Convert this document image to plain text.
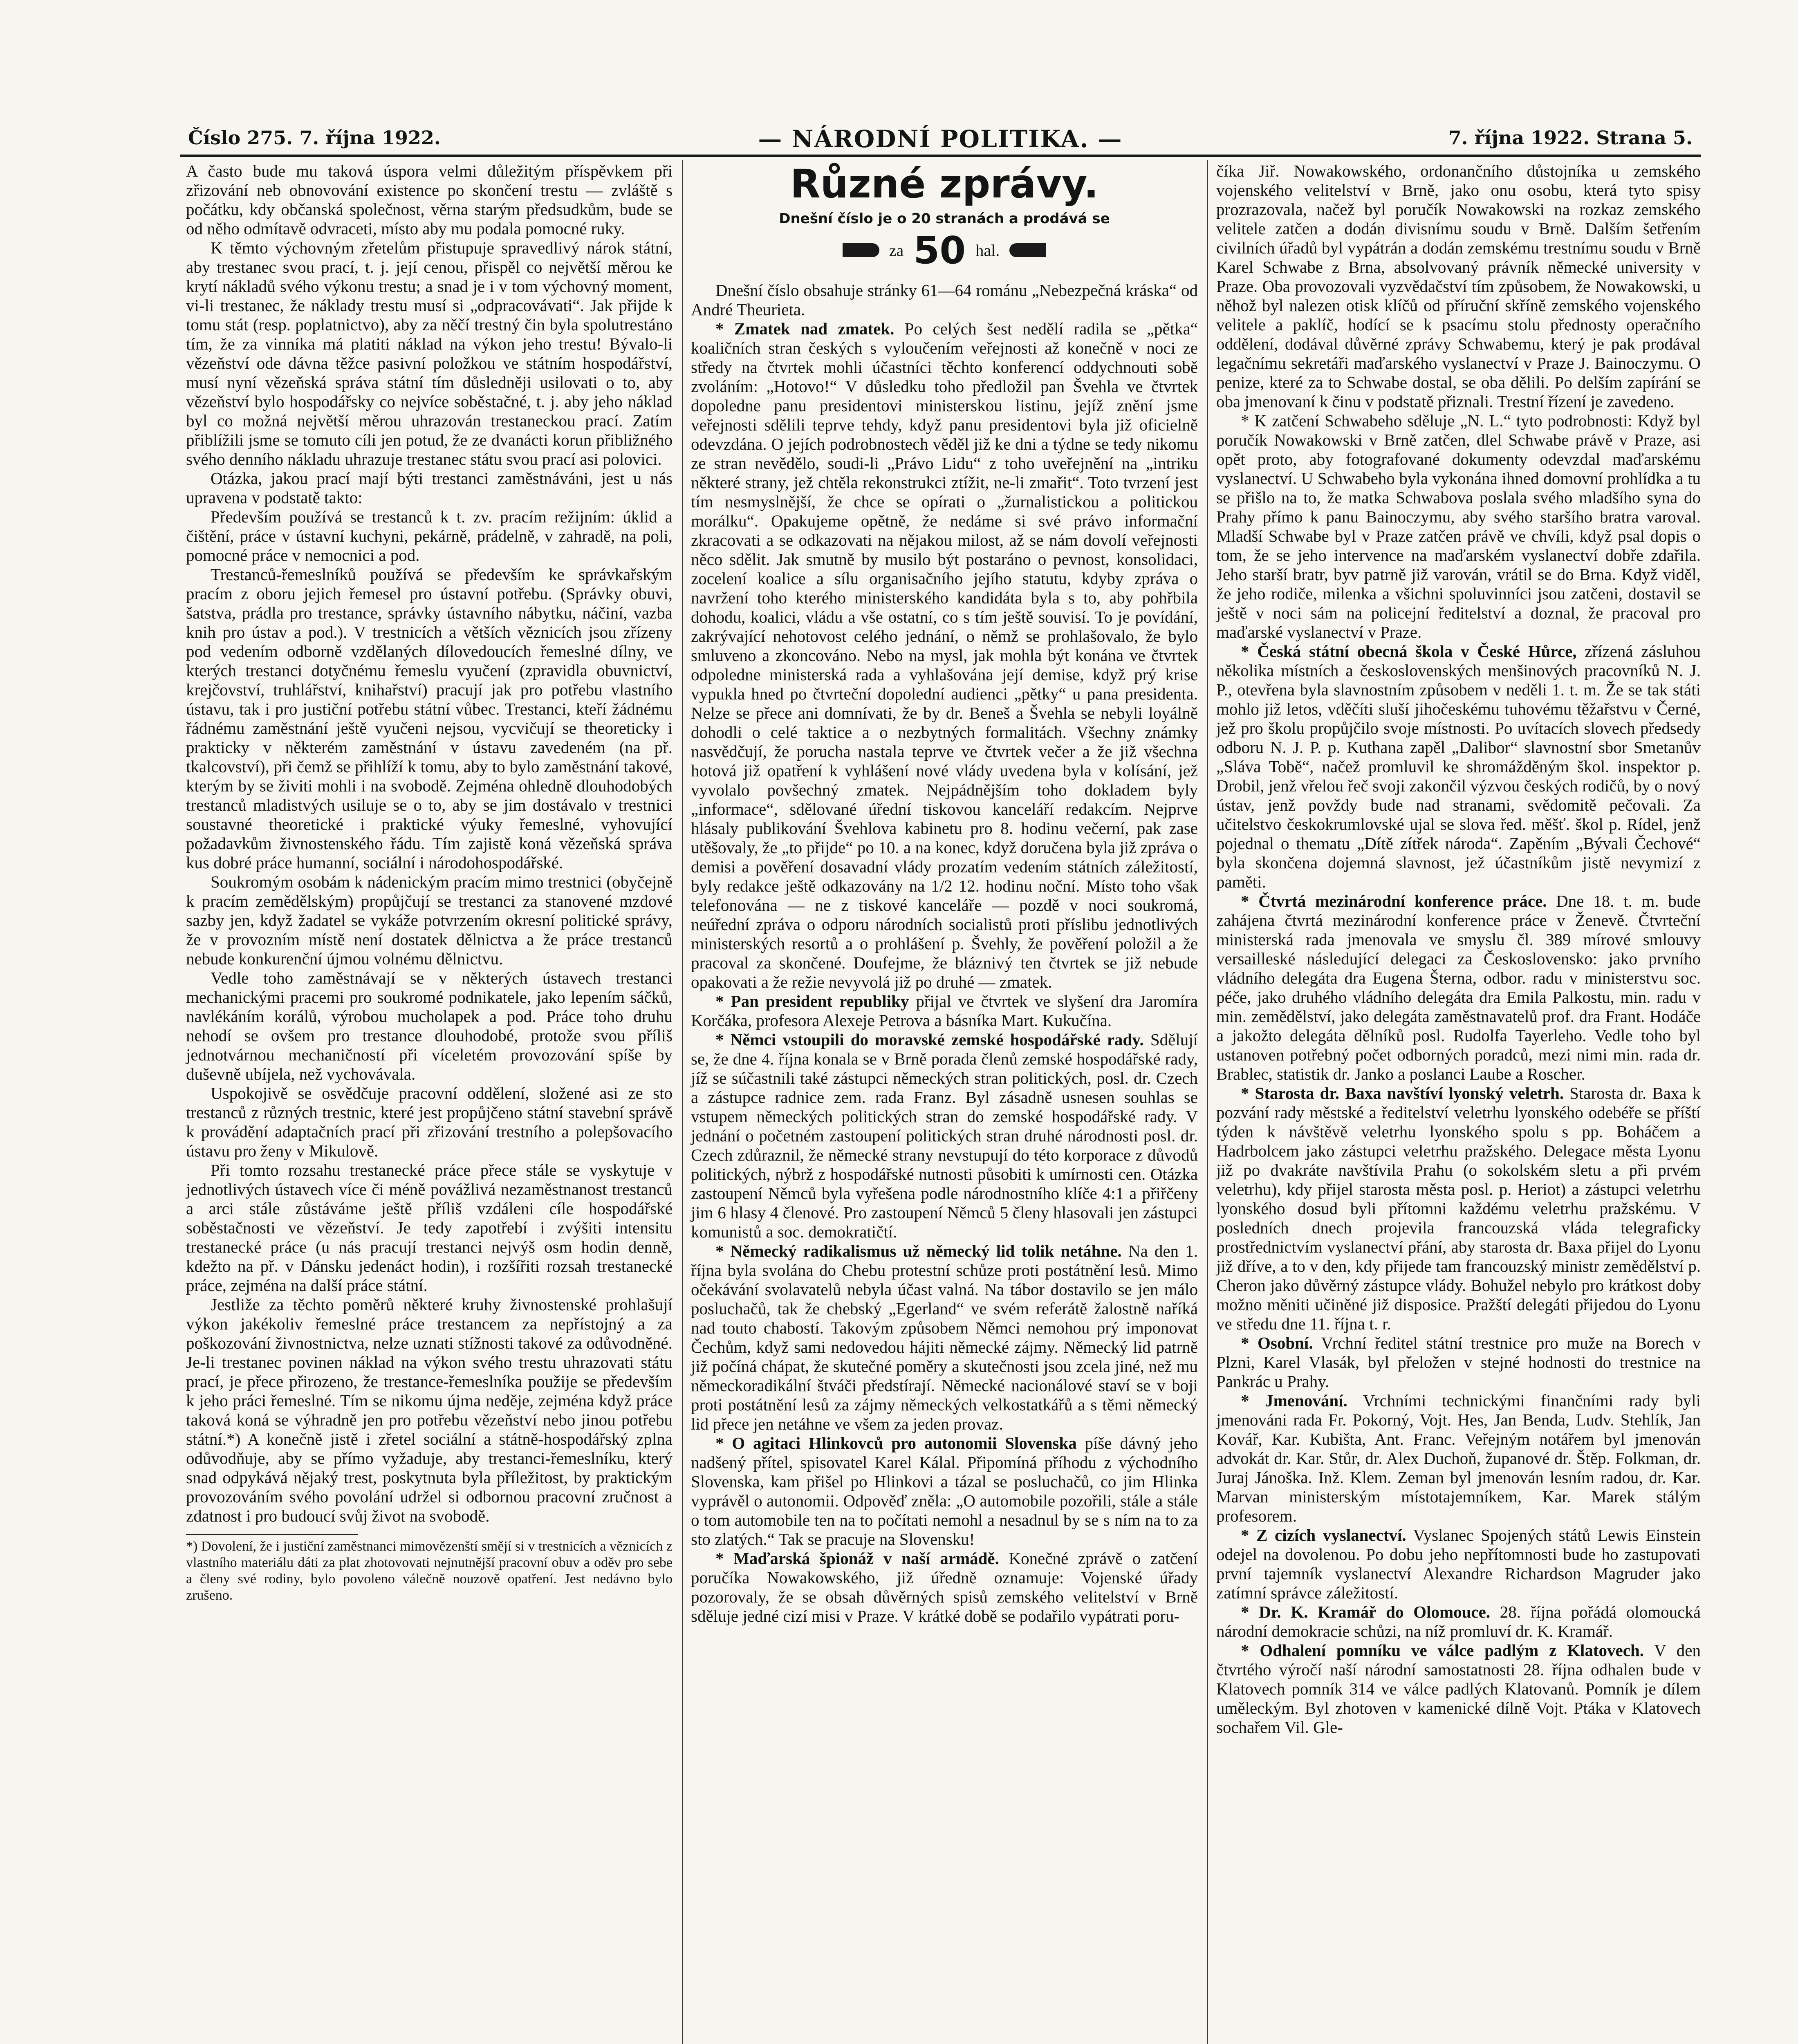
Číslo 275. 7. října 1922.	— NÁRODNÍ POLITIKA. —	7. října 1922. Strana 5.

A často bude mu taková úspora velmi důležitým příspěvkem při zřizování neb obnovování existence po skončení trestu — zvláště s počátku, kdy občanská společnost, věrna starým předsudkům, bude se od něho odmítavě odvraceti, místo aby mu podala pomocné ruky.

K těmto výchovným zřetelům přistupuje spravedlivý nárok státní, aby trestanec svou prací, t. j. její cenou, přispěl co největší měrou ke krytí nákladů svého výkonu trestu; a snad je i v tom výchovný moment, vi-li trestanec, že náklady trestu musí si „odpracovávati“. Jak přijde k tomu stát (resp. poplatnictvo), aby za něčí trestný čin byla spolutrestáno tím, že za vinníka má platiti náklad na výkon jeho trestu! Bývalo-li vězeňství ode dávna těžce pasivní položkou ve státním hospodářství, musí nyní vězeňská správa státní tím důsledněji usilovati o to, aby vězeňství bylo hospodářsky co nejvíce soběstačné, t. j. aby jeho náklad byl co možná největší měrou uhrazován trestaneckou prací. Zatím přiblížili jsme se tomuto cíli jen potud, že ze dvanácti korun přibližného svého denního nákladu uhrazuje trestanec státu svou prací asi polovici.

Otázka, jakou prací mají býti trestanci zaměstnáváni, jest u nás upravena v podstatě takto:

Především používá se trestanců k t. zv. pracím režijním: úklid a čištění, práce v ústavní kuchyni, pekárně, prádelně, v zahradě, na poli, pomocné práce v nemocnici a pod.

Trestanců-řemeslníků používá se především ke správkařským pracím z oboru jejich řemesel pro ústavní potřebu. (Správky obuvi, šatstva, prádla pro trestance, správky ústavního nábytku, náčiní, vazba knih pro ústav a pod.). V trestnicích a větších věznicích jsou zřízeny pod vedením odborně vzdělaných dílovedoucích řemeslné dílny, ve kterých trestanci dotyčnému řemeslu vyučení (zpravidla obuvnictví, krejčovství, truhlářství, knihařství) pracují jak pro potřebu vlastního ústavu, tak i pro justiční potřebu státní vůbec. Trestanci, kteří žádnému řádnému zaměstnání ještě vyučeni nejsou, vycvičují se theoreticky i prakticky v některém zaměstnání v ústavu zavedeném (na př. tkalcovství), při čemž se přihlíží k tomu, aby to bylo zaměstnání takové, kterým by se živiti mohli i na svobodě. Zejména ohledně dlouhodobých trestanců mladistvých usiluje se o to, aby se jim dostávalo v trestnici soustavné theoretické i praktické výuky řemeslné, vyhovující požadavkům živnostenského řádu. Tím zajistě koná vězeňská správa kus dobré práce humanní, sociální i národohospodářské.

Soukromým osobám k nádenickým pracím mimo trestnici (obyčejně k pracím zemědělským) propůjčují se trestanci za stanovené mzdové sazby jen, když žadatel se vykáže potvrzením okresní politické správy, že v provozním místě není dostatek dělnictva a že práce trestanců nebude konkurenční újmou volnému dělnictvu.

Vedle toho zaměstnávají se v některých ústavech trestanci mechanickými pracemi pro soukromé podnikatele, jako lepením sáčků, navlékáním korálů, výrobou mucholapek a pod. Práce toho druhu nehodí se ovšem pro trestance dlouhodobé, protože svou příliš jednotvárnou mechaničností při víceletém provozování spíše by duševně ubíjela, než vychovávala.

Uspokojivě se osvědčuje pracovní oddělení, složené asi ze sto trestanců z různých trestnic, které jest propůjčeno státní stavební správě k provádění adaptačních prací při zřizování trestního a polepšovacího ústavu pro ženy v Mikulově.

Při tomto rozsahu trestanecké práce přece stále se vyskytuje v jednotlivých ústavech více či méně povážlivá nezaměstnanost trestanců a arci stále zůstáváme ještě příliš vzdáleni cíle hospodářské soběstačnosti ve vězeňství. Je tedy zapotřebí i zvýšiti intensitu trestanecké práce (u nás pracují trestanci nejvýš osm hodin denně, kdežto na př. v Dánsku jedenáct hodin), i rozšířiti rozsah trestanecké práce, zejména na další práce státní.

Jestliže za těchto poměrů některé kruhy živnostenské prohlašují výkon jakékoliv řemeslné práce trestancem za nepřístojný a za poškozování živnostnictva, nelze uznati stížnosti takové za odůvodněné. Je-li trestanec povinen náklad na výkon svého trestu uhrazovati státu prací, je přece přirozeno, že trestance-řemeslníka použije se především k jeho práci řemeslné. Tím se nikomu újma neděje, zejména když práce taková koná se výhradně jen pro potřebu vězeňství nebo jinou potřebu státní.*) A konečně jistě i zřetel sociální a státně-hospodářský zplna odůvodňuje, aby se přímo vyžaduje, aby trestanci-řemeslníku, který snad odpykává nějaký trest, poskytnuta byla příležitost, by praktickým provozováním svého povolání udržel si odbornou pracovní zručnost a zdatnost i pro budoucí svůj život na svobodě.

*) Dovolení, že i justiční zaměstnanci mimovězenští smějí si v trestnicích a věznicích z vlastního materiálu dáti za plat zhotovovati nejnutnější pracovní obuv a oděv pro sebe a členy své rodiny, bylo povoleno válečně nouzově opatření. Jest nedávno bylo zrušeno.

Různé zprávy.
Dnešní číslo je o 20 stranách a prodává se
za 50 hal.

Dnešní číslo obsahuje stránky 61—64 románu „Nebezpečná kráska“ od André Theurieta.

* Zmatek nad zmatek. Po celých šest nedělí radila se „pětka“ koaličních stran českých s vyloučením veřejnosti až konečně v noci ze středy na čtvrtek mohli účastníci těchto konferencí oddychnouti sobě zvoláním: „Hotovo!“ V důsledku toho předložil pan Švehla ve čtvrtek dopoledne panu presidentovi ministerskou listinu, jejíž znění jsme veřejnosti sdělili teprve tehdy, když panu presidentovi byla již oficielně odevzdána. O jejích podrobnostech věděl již ke dni a týdne se tedy nikomu ze stran nevědělo, soudi-li „Právo Lidu“ z toho uveřejnění na „intriku některé strany, jež chtěla rekonstrukci ztížit, ne-li zmařit“. Toto tvrzení jest tím nesmyslnější, že chce se opírati o „žurnalistickou a politickou morálku“. Opakujeme opětně, že nedáme si své právo informační zkracovati a se odkazovati na nějakou milost, až se nám dovolí veřejnosti něco sdělit. Jak smutně by musilo být postaráno o pevnost, konsolidaci, zocelení koalice a sílu organisačního jejího statutu, kdyby zpráva o navržení toho kterého ministerského kandidáta byla s to, aby pohřbila dohodu, koalici, vládu a vše ostatní, co s tím ještě souvisí. To je povídání, zakrývající nehotovost celého jednání, o němž se prohlašovalo, že bylo smluveno a zkoncováno. Nebo na mysl, jak mohla být konána ve čtvrtek odpoledne ministerská rada a vyhlašována její demise, když prý krise vypukla hned po čtvrteční dopolední audienci „pětky“ u pana presidenta. Nelze se přece ani domnívati, že by dr. Beneš a Švehla se nebyli loyálně dohodli o celé taktice a o nezbytných formalitách. Všechny známky nasvědčují, že porucha nastala teprve ve čtvrtek večer a že již všechna hotová již opatření k vyhlášení nové vlády uvedena byla v kolísání, jež vyvolalo povšechný zmatek. Nejpádnějším toho dokladem byly „informace“, sdělované úřední tiskovou kanceláří redakcím. Nejprve hlásaly publikování Švehlova kabinetu pro 8. hodinu večerní, pak zase utěšovaly, že „to přijde“ po 10. a na konec, když doručena byla již zpráva o demisi a pověření dosavadní vlády prozatím vedením státních záležitostí, byly redakce ještě odkazovány na 1/2 12. hodinu noční. Místo toho však telefonována — ne z tiskové kanceláře — pozdě v noci soukromá, neúřední zpráva o odporu národních socialistů proti příslibu jednotlivých ministerských resortů a o prohlášení p. Švehly, že pověření položil a že pracoval za skončené. Doufejme, že bláznivý ten čtvrtek se již nebude opakovati a že režie nevyvolá již po druhé — zmatek.

* Pan president republiky přijal ve čtvrtek ve slyšení dra Jaromíra Korčáka, profesora Alexeje Petrova a básníka Mart. Kukučína.

* Němci vstoupili do moravské zemské hospodářské rady. Sdělují se, že dne 4. října konala se v Brně porada členů zemské hospodářské rady, jíž se súčastnili také zástupci německých stran politických, posl. dr. Czech a zástupce radnice zem. rada Franz. Byl zásadně usnesen souhlas se vstupem německých politických stran do zemské hospodářské rady. V jednání o početném zastoupení politických stran druhé národnosti posl. dr. Czech zdůraznil, že německé strany nevstupují do této korporace z důvodů politických, nýbrž z hospodářské nutnosti působiti k umírnosti cen. Otázka zastoupení Němců byla vyřešena podle národnostního klíče 4:1 a přiřčeny jim 6 hlasy 4 členové. Pro zastoupení Němců 5 členy hlasovali jen zástupci komunistů a soc. demokratičtí.

* Německý radikalismus už německý lid tolik netáhne. Na den 1. října byla svolána do Chebu protestní schůze proti postátnění lesů. Mimo očekávání svolavatelů nebyla účast valná. Na tábor dostavilo se jen málo posluchačů, tak že chebský „Egerland“ ve svém referátě žalostně naříká nad touto chabostí. Takovým způsobem Němci nemohou prý imponovat Čechům, když sami nedovedou hájiti německé zájmy. Německý lid patrně již počíná chápat, že skutečné poměry a skutečnosti jsou zcela jiné, než mu německoradikální štváči předstírají. Německé nacionálové staví se v boji proti postátnění lesů za zájmy německých velkostatkářů a s těmi německý lid přece jen netáhne ve všem za jeden provaz.

* O agitaci Hlinkovců pro autonomii Slovenska píše dávný jeho nadšený přítel, spisovatel Karel Kálal. Připomíná příhodu z východního Slovenska, kam přišel po Hlinkovi a tázal se posluchačů, co jim Hlinka vyprávěl o autonomii. Odpověď zněla: „O automobile pozořili, stále a stále o tom automobile ten na to počítati nemohl a nesadnul by se s ním na to za sto zlatých.“ Tak se pracuje na Slovensku!

* Maďarská špionáž v naší armádě. Konečné zprávě o zatčení poručíka Nowakowského, již úředně oznamuje: Vojenské úřady pozorovaly, že se obsah důvěrných spisů zemského velitelství v Brně sděluje jedné cizí misi v Praze. V krátké době se podařilo vypátrati poru-

číka Jiř. Nowakowského, ordonančního důstojníka u zemského vojenského velitelství v Brně, jako onu osobu, která tyto spisy prozrazovala, načež byl poručík Nowakowski na rozkaz zemského velitele zatčen a dodán divisnímu soudu v Brně. Dalším šetřením civilních úřadů byl vypátrán a dodán zemskému trestnímu soudu v Brně Karel Schwabe z Brna, absolvovaný právník německé university v Praze. Oba provozovali vyzvědačství tím způsobem, že Nowakowski, u něhož byl nalezen otisk klíčů od příruční skříně zemského vojenského velitele a paklíč, hodící se k psacímu stolu přednosty operačního oddělení, dodával důvěrné zprávy Schwabemu, který je pak prodával legačnímu sekretáři maďarského vyslanectví v Praze J. Bainoczymu. O penize, které za to Schwabe dostal, se oba dělili. Po delším zapírání se oba jmenovaní k činu v podstatě přiznali. Trestní řízení je zavedeno.

* K zatčení Schwabeho sděluje „N. L.“ tyto podrobnosti: Když byl poručík Nowakowski v Brně zatčen, dlel Schwabe právě v Praze, asi opět proto, aby fotografované dokumenty odevzdal maďarskému vyslanectví. U Schwabeho byla vykonána ihned domovní prohlídka a tu se přišlo na to, že matka Schwabova poslala svého mladšího syna do Prahy přímo k panu Bainoczymu, aby svého staršího bratra varoval. Mladší Schwabe byl v Praze zatčen právě ve chvíli, když psal dopis o tom, že se jeho intervence na maďarském vyslanectví dobře zdařila. Jeho starší bratr, byv patrně již varován, vrátil se do Brna. Když viděl, že jeho rodiče, milenka a všichni spoluvinníci jsou zatčeni, dostavil se ještě v noci sám na policejní ředitelství a doznal, že pracoval pro maďarské vyslanectví v Praze.

* Česká státní obecná škola v České Hůrce, zřízená zásluhou několika místních a československých menšinových pracovníků N. J. P., otevřena byla slavnostním způsobem v neděli 1. t. m. Že se tak státi mohlo již letos, vděčíti sluší jihočeskému tuhovému těžařstvu v Černé, jež pro školu propůjčilo svoje místnosti. Po uvítacích slovech předsedy odboru N. J. P. p. Kuthana zapěl „Dalibor“ slavnostní sbor Smetanův „Sláva Tobě“, načež promluvil ke shromážděným škol. inspektor p. Drobil, jenž vřelou řeč svoji zakončil výzvou českých rodičů, by o nový ústav, jenž povždy bude nad stranami, svědomitě pečovali. Za učitelstvo českokrumlovské ujal se slova řed. měšť. škol p. Rídel, jenž pojednal o thematu „Dítě zítřek národa“. Zapěním „Bývali Čechové“ byla skončena dojemná slavnost, jež účastníkům jistě nevymizí z paměti.

* Čtvrtá mezinárodní konference práce. Dne 18. t. m. bude zahájena čtvrtá mezinárodní konference práce v Ženevě. Čtvrteční ministerská rada jmenovala ve smyslu čl. 389 mírové smlouvy versailleské následující delegaci za Československo: jako prvního vládního delegáta dra Eugena Šterna, odbor. radu v ministerstvu soc. péče, jako druhého vládního delegáta dra Emila Palkostu, min. radu v min. zemědělství, jako delegáta zaměstnavatelů prof. dra Frant. Hodáče a jakožto delegáta dělníků posl. Rudolfa Tayerleho. Vedle toho byl ustanoven potřebný počet odborných poradců, mezi nimi min. rada dr. Brablec, statistik dr. Janko a poslanci Laube a Roscher.

* Starosta dr. Baxa navštíví lyonský veletrh. Starosta dr. Baxa k pozvání rady městské a ředitelství veletrhu lyonského odebéře se příští týden k návštěvě veletrhu lyonského spolu s pp. Boháčem a Hadrbolcem jako zástupci veletrhu pražského. Delegace města Lyonu již po dvakráte navštívila Prahu (o sokolském sletu a při prvém veletrhu), kdy přijel starosta města posl. p. Heriot) a zástupci veletrhu lyonského dosud byli přítomni každému veletrhu pražskému. V posledních dnech projevila francouzská vláda telegraficky prostřednictvím vyslanectví přání, aby starosta dr. Baxa přijel do Lyonu již dříve, a to v den, kdy přijede tam francouzský ministr zemědělství p. Cheron jako důvěrný zástupce vlády. Bohužel nebylo pro krátkost doby možno měniti učiněné již disposice. Pražští delegáti přijedou do Lyonu ve středu dne 11. října t. r.

* Osobní. Vrchní ředitel státní trestnice pro muže na Borech v Plzni, Karel Vlasák, byl přeložen v stejné hodnosti do trestnice na Pankrác u Prahy.

* Jmenování. Vrchními technickými finančními rady byli jmenováni rada Fr. Pokorný, Vojt. Hes, Jan Benda, Ludv. Stehlík, Jan Kovář, Kar. Kubišta, Ant. Franc. Veřejným notářem byl jmenován advokát dr. Kar. Stůr, dr. Alex Duchoň, županové dr. Štěp. Folkman, dr. Juraj Jánoška. Inž. Klem. Zeman byl jmenován lesním radou, dr. Kar. Marvan ministerským místotajemníkem, Kar. Marek stálým profesorem.

* Z cizích vyslanectví. Vyslanec Spojených států Lewis Einstein odejel na dovolenou. Po dobu jeho nepřítomnosti bude ho zastupovati první tajemník vyslanectví Alexandre Richardson Magruder jako zatímní správce záležitostí.

* Dr. K. Kramář do Olomouce. 28. října pořádá olomoucká národní demokracie schůzi, na níž promluví dr. K. Kramář.

* Odhalení pomníku ve válce padlým z Klatovech. V den čtvrtého výročí naší národní samostatnosti 28. října odhalen bude v Klatovech pomník 314 ve válce padlých Klatovanů. Pomník je dílem uměleckým. Byl zhotoven v kamenické dílně Vojt. Ptáka v Klatovech sochařem Vil. Gle-
